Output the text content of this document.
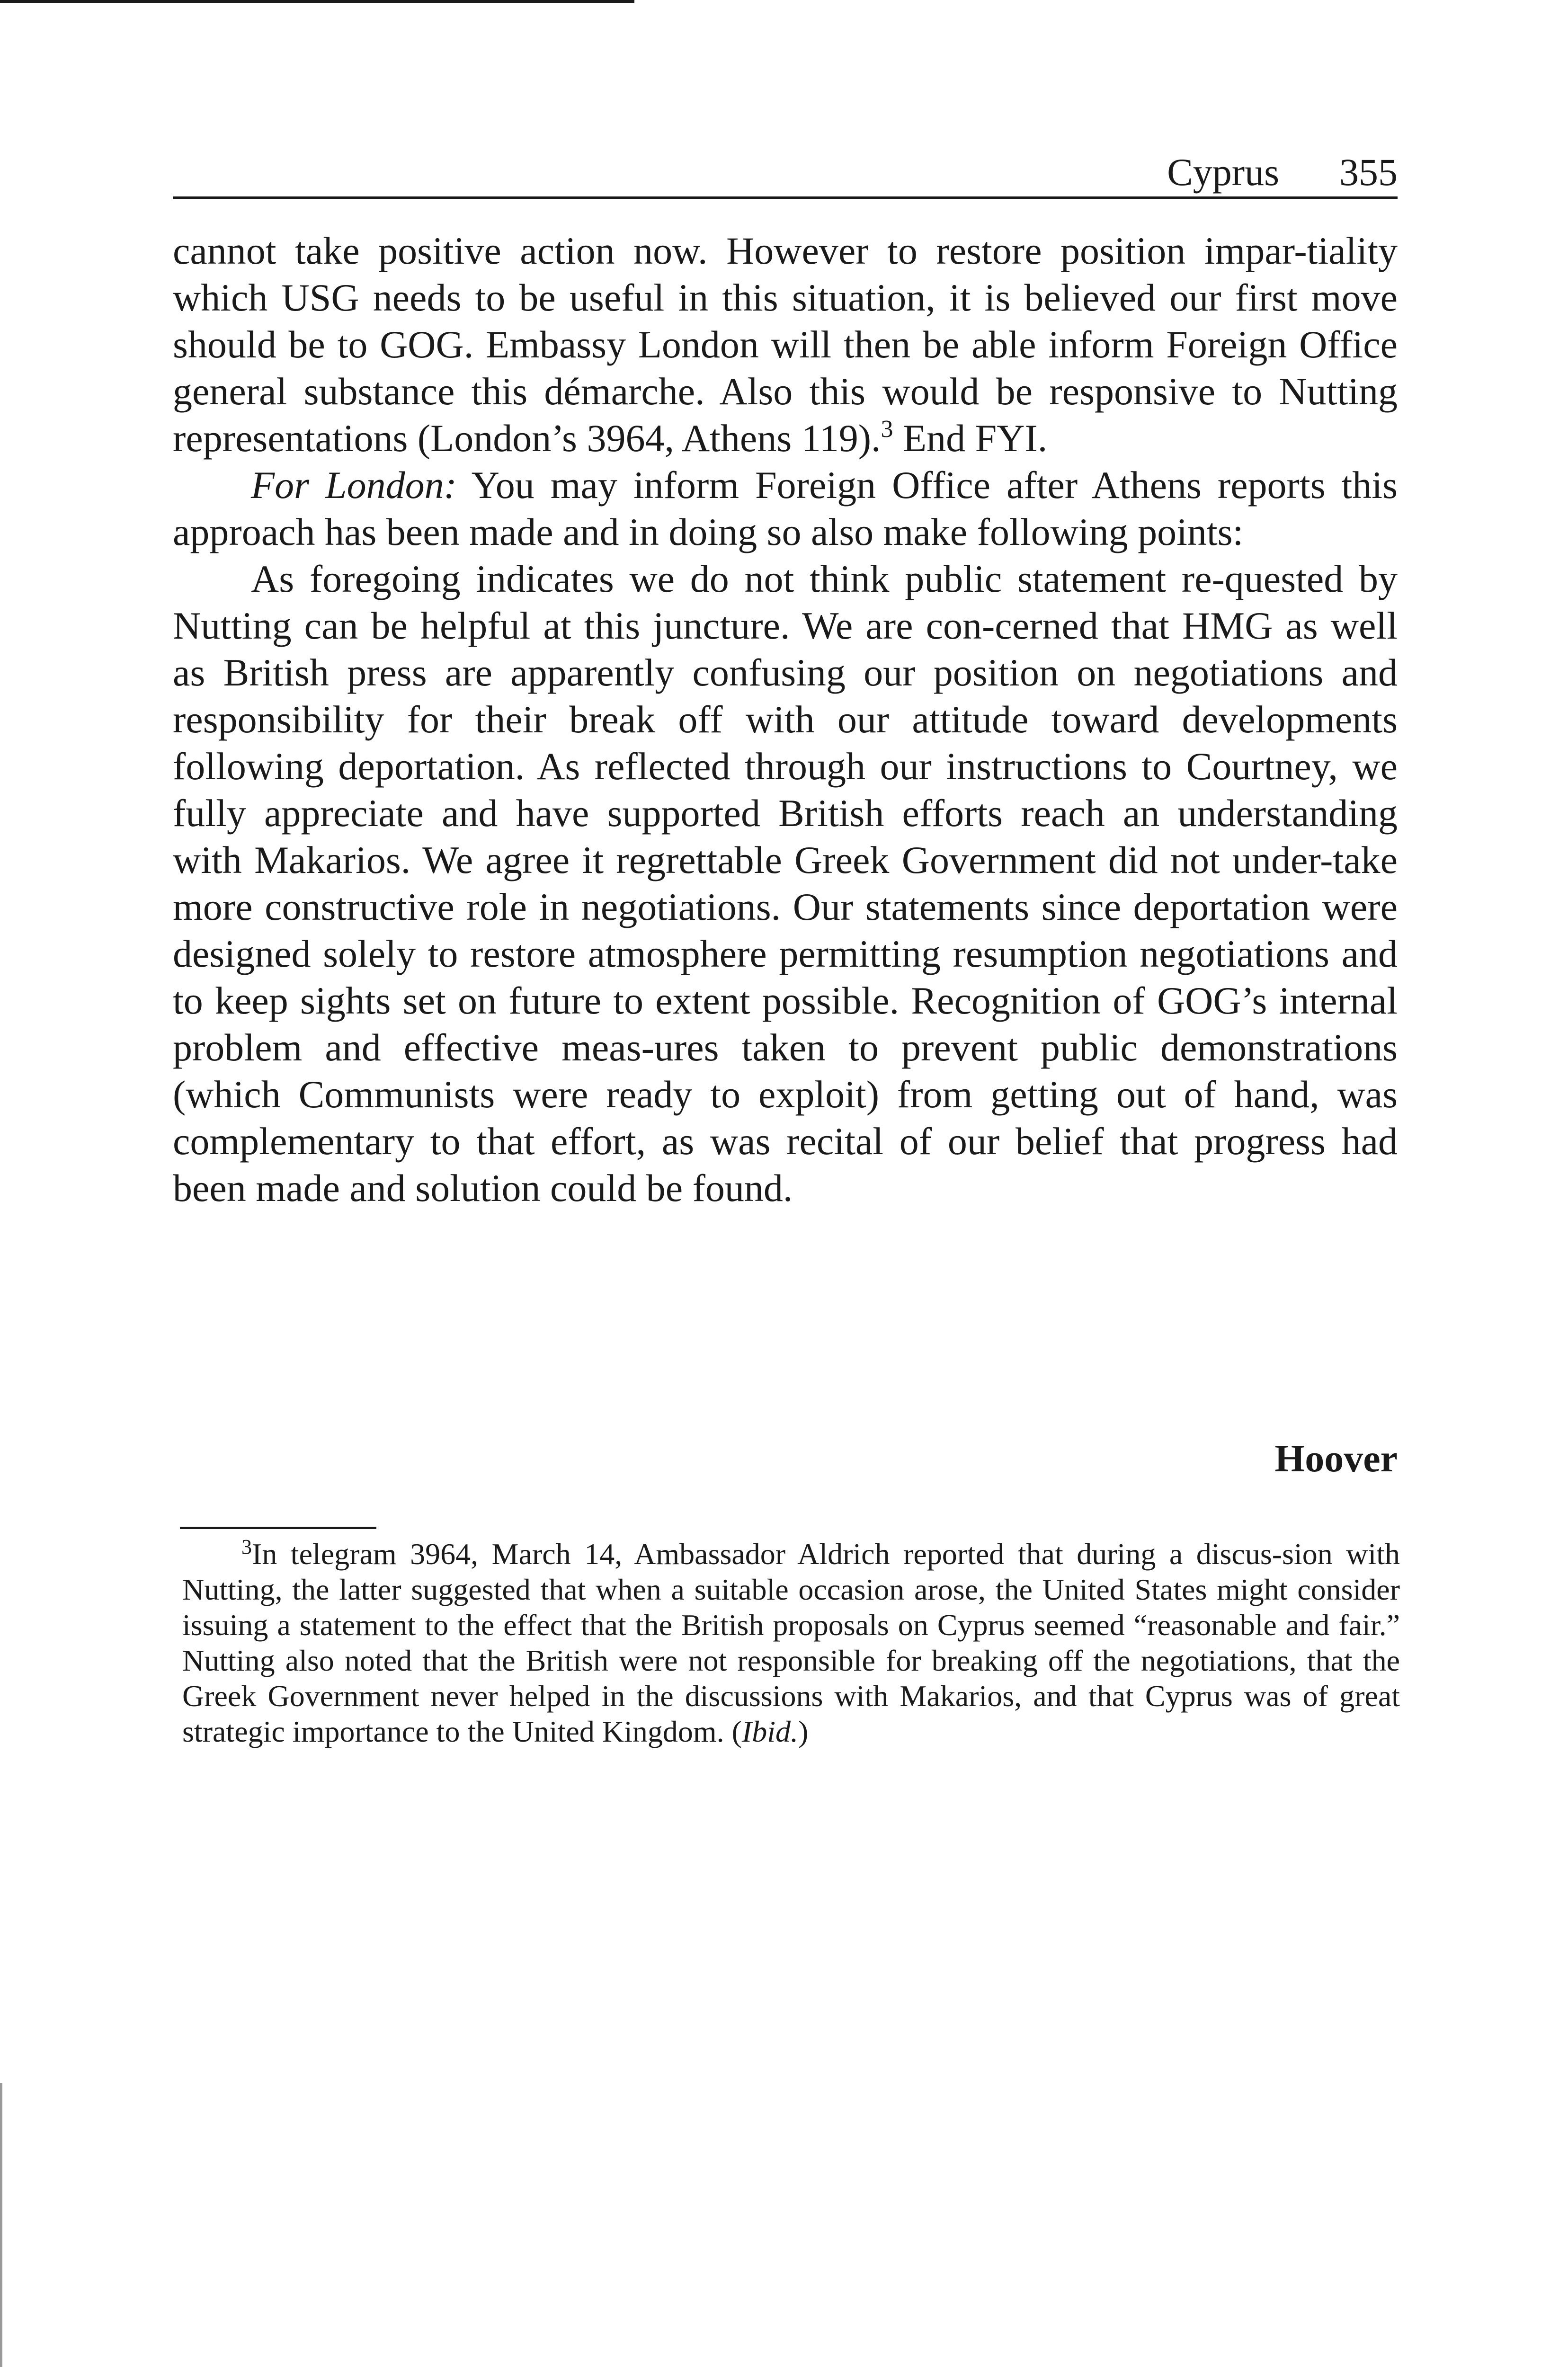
Cyprus 355

cannot take positive action now. However to restore position impar-tiality which USG needs to be useful in this situation, it is believed our first move should be to GOG. Embassy London will then be able inform Foreign Office general substance this démarche. Also this would be responsive to Nutting representations (London’s 3964, Athens 119).$^3$ End FYI.

For London: You may inform Foreign Office after Athens reports this approach has been made and in doing so also make following points:

As foregoing indicates we do not think public statement re-quested by Nutting can be helpful at this juncture. We are con-cerned that HMG as well as British press are apparently confusing our position on negotiations and responsibility for their break off with our attitude toward developments following deportation. As reflected through our instructions to Courtney, we fully appreciate and have supported British efforts reach an understanding with Makarios. We agree it regrettable Greek Government did not under-take more constructive role in negotiations. Our statements since deportation were designed solely to restore atmosphere permitting resumption negotiations and to keep sights set on future to extent possible. Recognition of GOG’s internal problem and effective meas-ures taken to prevent public demonstrations (which Communists were ready to exploit) from getting out of hand, was complementary to that effort, as was recital of our belief that progress had been made and solution could be found.

Hoover
$^3$In telegram 3964, March 14, Ambassador Aldrich reported that during a discus-sion with Nutting, the latter suggested that when a suitable occasion arose, the United States might consider issuing a statement to the effect that the British proposals on Cyprus seemed “reasonable and fair.” Nutting also noted that the British were not responsible for breaking off the negotiations, that the Greek Government never helped in the discussions with Makarios, and that Cyprus was of great strategic importance to the United Kingdom. (Ibid.)
